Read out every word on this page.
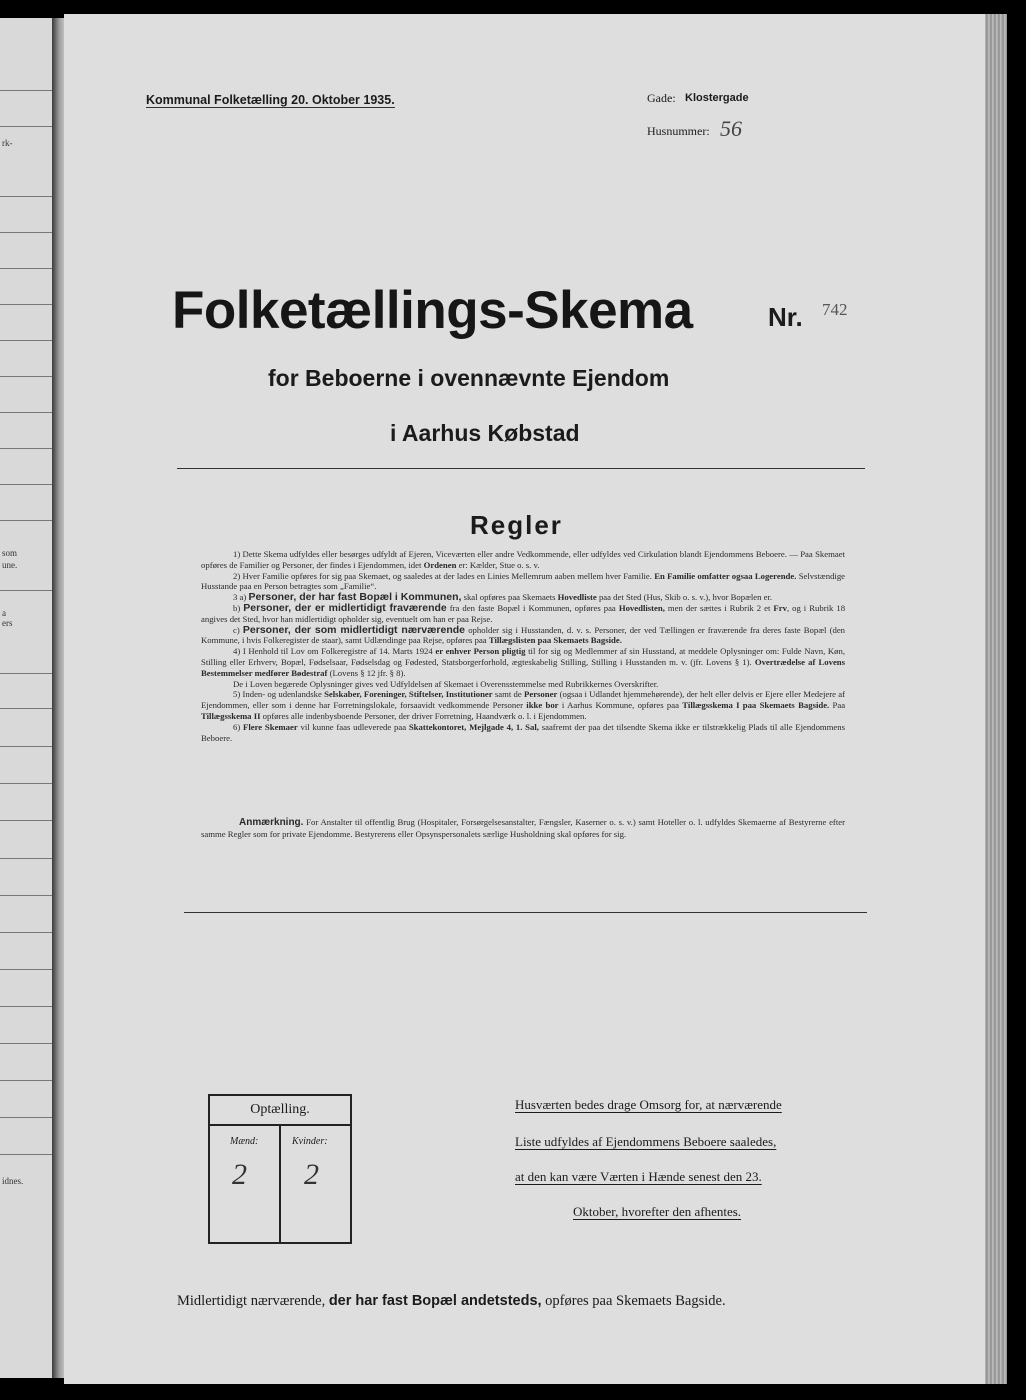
rk-
som
une.
a
ers
idnes.
Kommunal Folketælling 20. Oktober 1935.	Gade: Klostergade
Husnummer: 56
Folketællings-Skema	Nr. 742
for Beboerne i ovennævnte Ejendom
i Aarhus Købstad
Regler

1) Dette Skema udfyldes eller besørges udfyldt af Ejeren, Viceværten eller andre Vedkommende, eller udfyldes ved Cirkulation blandt Ejendommens Beboere. — Paa Skemaet opføres de Familier og Personer, der findes i Ejendommen, idet Ordenen er: Kælder, Stue o. s. v.

2) Hver Familie opføres for sig paa Skemaet, og saaledes at der lades en Linies Mellemrum aaben mellem hver Familie. En Familie omfatter ogsaa Logerende. Selvstændige Husstande paa en Person betragtes som „Familie“.

3 a) Personer, der har fast Bopæl i Kommunen, skal opføres paa Skemaets Hovedliste paa det Sted (Hus, Skib o. s. v.), hvor Bopælen er.

b) Personer, der er midlertidigt fraværende fra den faste Bopæl i Kommunen, opføres paa Hovedlisten, men der sættes i Rubrik 2 et Frv, og i Rubrik 18 angives det Sted, hvor han midlertidigt opholder sig, eventuelt om han er paa Rejse.

c) Personer, der som midlertidigt nærværende opholder sig i Husstanden, d. v. s. Personer, der ved Tællingen er fraværende fra deres faste Bopæl (den Kommune, i hvis Folkeregister de staar), samt Udlændinge paa Rejse, opføres paa Tillægslisten paa Skemaets Bagside.

4) I Henhold til Lov om Folkeregistre af 14. Marts 1924 er enhver Person pligtig til for sig og Medlemmer af sin Husstand, at meddele Oplysninger om: Fulde Navn, Køn, Stilling eller Erhverv, Bopæl, Fødselsaar, Fødselsdag og Fødested, Statsborgerforhold, ægteskabelig Stilling, Stilling i Husstanden m. v. (jfr. Lovens § 1). Overtrædelse af Lovens Bestemmelser medfører Bødestraf (Lovens § 12 jfr. § 8).

De i Loven begærede Oplysninger gives ved Udfyldelsen af Skemaet i Overensstemmelse med Rubrikkernes Overskrifter.

5) Inden- og udenlandske Selskaber, Foreninger, Stiftelser, Institutioner samt de Personer (ogsaa i Udlandet hjemmehørende), der helt eller delvis er Ejere eller Medejere af Ejendommen, eller som i denne har Forretningslokale, forsaavidt vedkommende Personer ikke bor i Aarhus Kommune, opføres paa Tillægsskema I paa Skemaets Bagside. Paa Tillægsskema II opføres alle indenbysboende Personer, der driver Forretning, Haandværk o. l. i Ejendommen.

6) Flere Skemaer vil kunne faas udleverede paa Skattekontoret, Mejlgade 4, 1. Sal, saafremt der paa det tilsendte Skema ikke er tilstrækkelig Plads til alle Ejendommens Beboere.

Anmærkning. For Anstalter til offentlig Brug (Hospitaler, Forsørgelsesanstalter, Fængsler, Kaserner o. s. v.) samt Hoteller o. l. udfyldes Skemaerne af Bestyrerne efter samme Regler som for private Ejendomme. Bestyrerens eller Opsynspersonalets særlige Husholdning skal opføres for sig.
Optælling.
Mænd:	Kvinder:
2 2

Husværten bedes drage Omsorg for, at nærværende

Liste udfyldes af Ejendommens Beboere saaledes,

at den kan være Værten i Hænde senest den 23.

Oktober, hvorefter den afhentes.

Midlertidigt nærværende, der har fast Bopæl andetsteds, opføres paa Skemaets Bagside.
